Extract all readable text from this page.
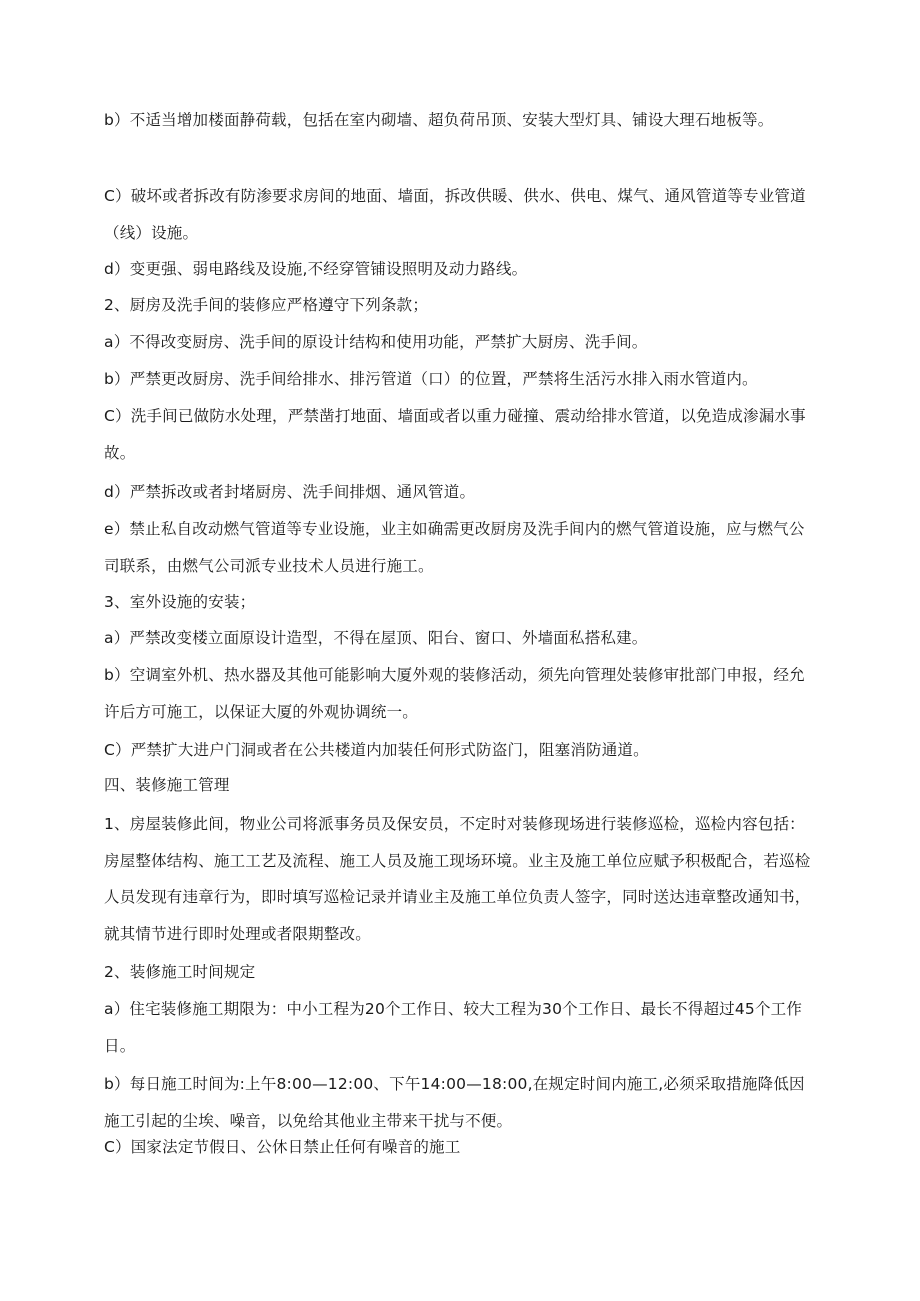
b）不适当增加楼面静荷载，包括在室内砌墙、超负荷吊顶、安装大型灯具、铺设大理石地板等。

C）破坏或者拆改有防渗要求房间的地面、墙面，拆改供暖、供水、供电、煤气、通风管道等专业管道（线）设施。

d）变更强、弱电路线及设施,不经穿管铺设照明及动力路线。

2、厨房及洗手间的装修应严格遵守下列条款；

a）不得改变厨房、洗手间的原设计结构和使用功能，严禁扩大厨房、洗手间。

b）严禁更改厨房、洗手间给排水、排污管道（口）的位置，严禁将生活污水排入雨水管道内。

C）洗手间已做防水处理，严禁凿打地面、墙面或者以重力碰撞、震动给排水管道，以免造成渗漏水事故。

d）严禁拆改或者封堵厨房、洗手间排烟、通风管道。

e）禁止私自改动燃气管道等专业设施，业主如确需更改厨房及洗手间内的燃气管道设施，应与燃气公司联系，由燃气公司派专业技术人员进行施工。

3、室外设施的安装；

a）严禁改变楼立面原设计造型，不得在屋顶、阳台、窗口、外墙面私搭私建。

b）空调室外机、热水器及其他可能影响大厦外观的装修活动，须先向管理处装修审批部门申报，经允许后方可施工，以保证大厦的外观协调统一。

C）严禁扩大进户门洞或者在公共楼道内加装任何形式防盗门，阻塞消防通道。

四、装修施工管理

1、房屋装修此间，物业公司将派事务员及保安员，不定时对装修现场进行装修巡检，巡检内容包括：房屋整体结构、施工工艺及流程、施工人员及施工现场环境。业主及施工单位应赋予积极配合，若巡检人员发现有违章行为，即时填写巡检记录并请业主及施工单位负责人签字，同时送达违章整改通知书，就其情节进行即时处理或者限期整改。

2、装修施工时间规定

a）住宅装修施工期限为：中小工程为20个工作日、较大工程为30个工作日、最长不得超过45个工作日。

b）每日施工时间为:上午8:00—12:00、下午14:00—18:00,在规定时间内施工,必须采取措施降低因施工引起的尘埃、噪音，以免给其他业主带来干扰与不便。

C）国家法定节假日、公休日禁止任何有噪音的施工
